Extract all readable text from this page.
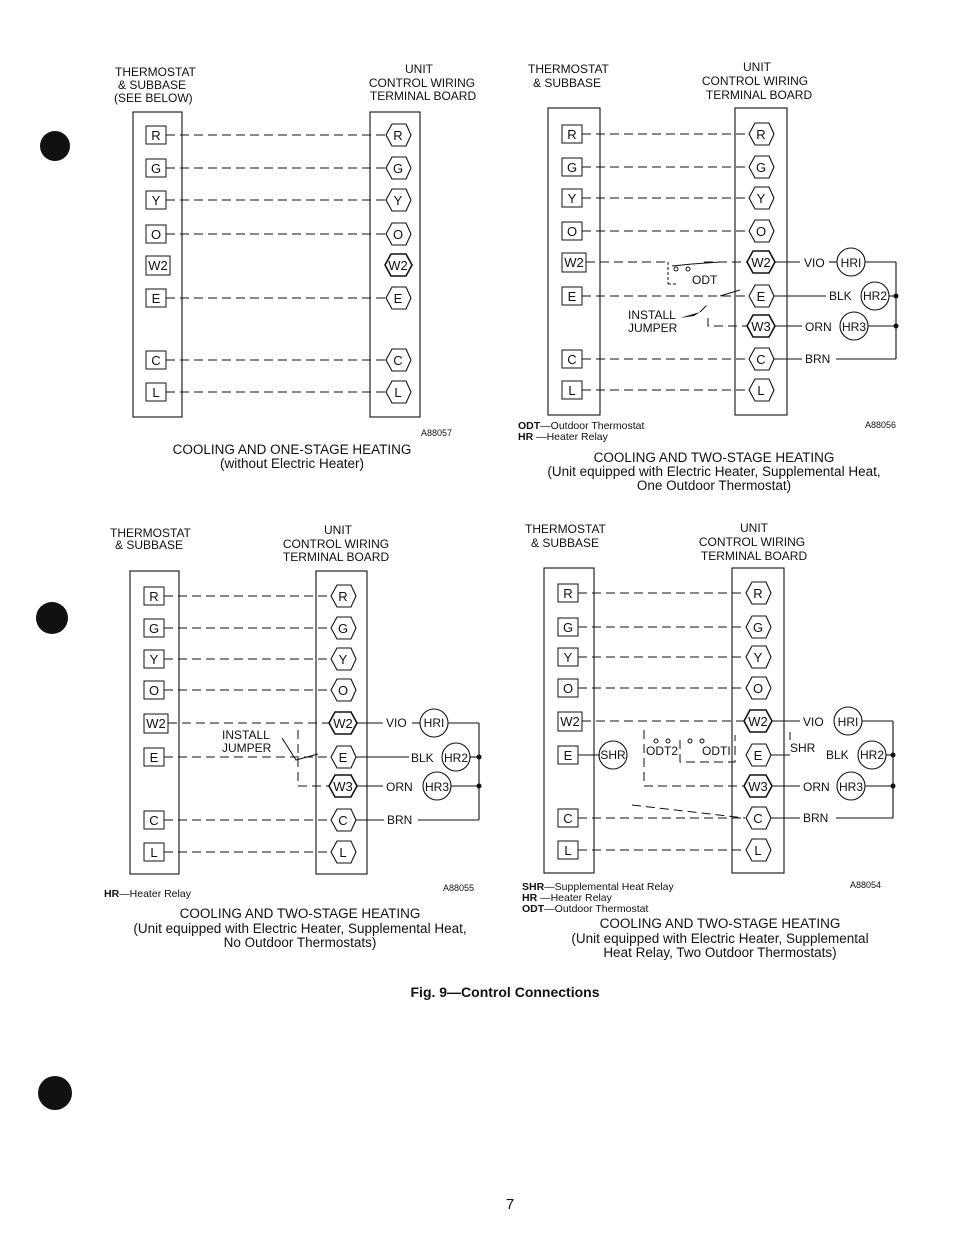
THERMOSTAT
& SUBBASE
(SEE BELOW)
UNIT
CONTROL WIRING
TERMINAL BOARD
R
G
Y
O
W2
E
C
L
R
G
Y
O
W2
E
C
L
A88057
COOLING AND ONE-STAGE HEATING
(without Electric Heater)
THERMOSTAT
& SUBBASE
UNIT
CONTROL WIRING
TERMINAL BOARD
R
G
Y
O
W2
E
C
L
ODT
INSTALL
JUMPER
R
G
Y
O
W2
E
W3
C
L
VIO HRI
BLK HR2
ORN HR3
BRN
ODT—Outdoor Thermostat
HR —Heater Relay
A88056
COOLING AND TWO-STAGE HEATING
(Unit equipped with Electric Heater, Supplemental Heat,
One Outdoor Thermostat)
THERMOSTAT
& SUBBASE
UNIT
CONTROL WIRING
TERMINAL BOARD
R
G
Y
O
W2
E
C
L
INSTALL
JUMPER
R
G
Y
O
W2
E
W3
C
L
VIO HRI
BLK HR2
ORN HR3
BRN
HR—Heater Relay	A88055
COOLING AND TWO-STAGE HEATING
(Unit equipped with Electric Heater, Supplemental Heat,
No Outdoor Thermostats)
THERMOSTAT
& SUBBASE
UNIT
CONTROL WIRING
TERMINAL BOARD
R
G
Y
O
W2
E
C
L
SHR ODT2 ODTI
R
G
Y
O
W2
E
W3
C
L
VIO HRI
SHR BLK HR2
ORN HR3
BRN
SHR—Supplemental Heat Relay
HR —Heater Relay
ODT—Outdoor Thermostat
A88054
COOLING AND TWO-STAGE HEATING
(Unit equipped with Electric Heater, Supplemental
Heat Relay, Two Outdoor Thermostats)
Fig. 9—Control Connections
7
